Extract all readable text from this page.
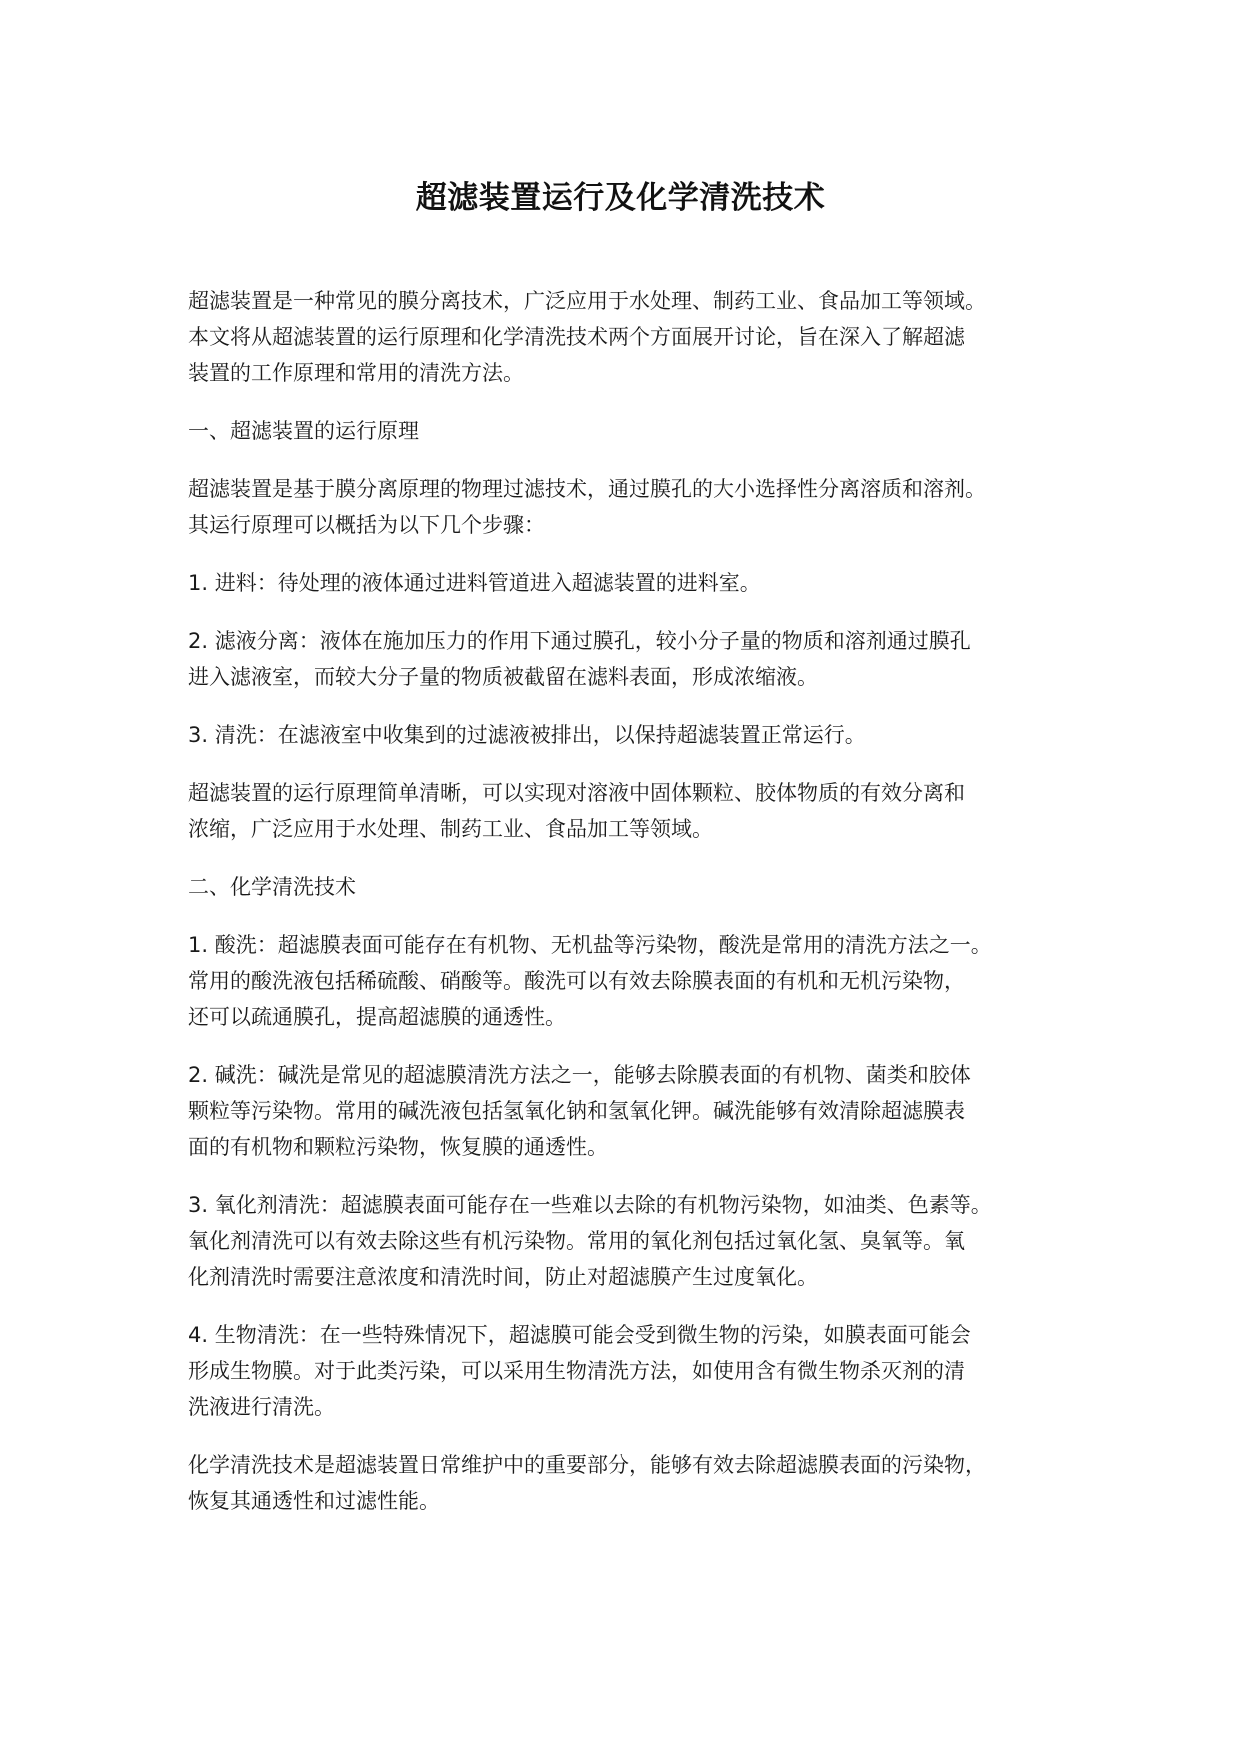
超滤装置运行及化学清洗技术

超滤装置是一种常见的膜分离技术，广泛应用于水处理、制药工业、食品加工等领域。
本文将从超滤装置的运行原理和化学清洗技术两个方面展开讨论，旨在深入了解超滤
装置的工作原理和常用的清洗方法。

一、超滤装置的运行原理

超滤装置是基于膜分离原理的物理过滤技术，通过膜孔的大小选择性分离溶质和溶剂。
其运行原理可以概括为以下几个步骤：

1. 进料：待处理的液体通过进料管道进入超滤装置的进料室。

2. 滤液分离：液体在施加压力的作用下通过膜孔，较小分子量的物质和溶剂通过膜孔
进入滤液室，而较大分子量的物质被截留在滤料表面，形成浓缩液。

3. 清洗：在滤液室中收集到的过滤液被排出，以保持超滤装置正常运行。

超滤装置的运行原理简单清晰，可以实现对溶液中固体颗粒、胶体物质的有效分离和
浓缩，广泛应用于水处理、制药工业、食品加工等领域。

二、化学清洗技术

1. 酸洗：超滤膜表面可能存在有机物、无机盐等污染物，酸洗是常用的清洗方法之一。
常用的酸洗液包括稀硫酸、硝酸等。酸洗可以有效去除膜表面的有机和无机污染物，
还可以疏通膜孔，提高超滤膜的通透性。

2. 碱洗：碱洗是常见的超滤膜清洗方法之一，能够去除膜表面的有机物、菌类和胶体
颗粒等污染物。常用的碱洗液包括氢氧化钠和氢氧化钾。碱洗能够有效清除超滤膜表
面的有机物和颗粒污染物，恢复膜的通透性。

3. 氧化剂清洗：超滤膜表面可能存在一些难以去除的有机物污染物，如油类、色素等。
氧化剂清洗可以有效去除这些有机污染物。常用的氧化剂包括过氧化氢、臭氧等。氧
化剂清洗时需要注意浓度和清洗时间，防止对超滤膜产生过度氧化。

4. 生物清洗：在一些特殊情况下，超滤膜可能会受到微生物的污染，如膜表面可能会
形成生物膜。对于此类污染，可以采用生物清洗方法，如使用含有微生物杀灭剂的清
洗液进行清洗。

化学清洗技术是超滤装置日常维护中的重要部分，能够有效去除超滤膜表面的污染物，
恢复其通透性和过滤性能。
